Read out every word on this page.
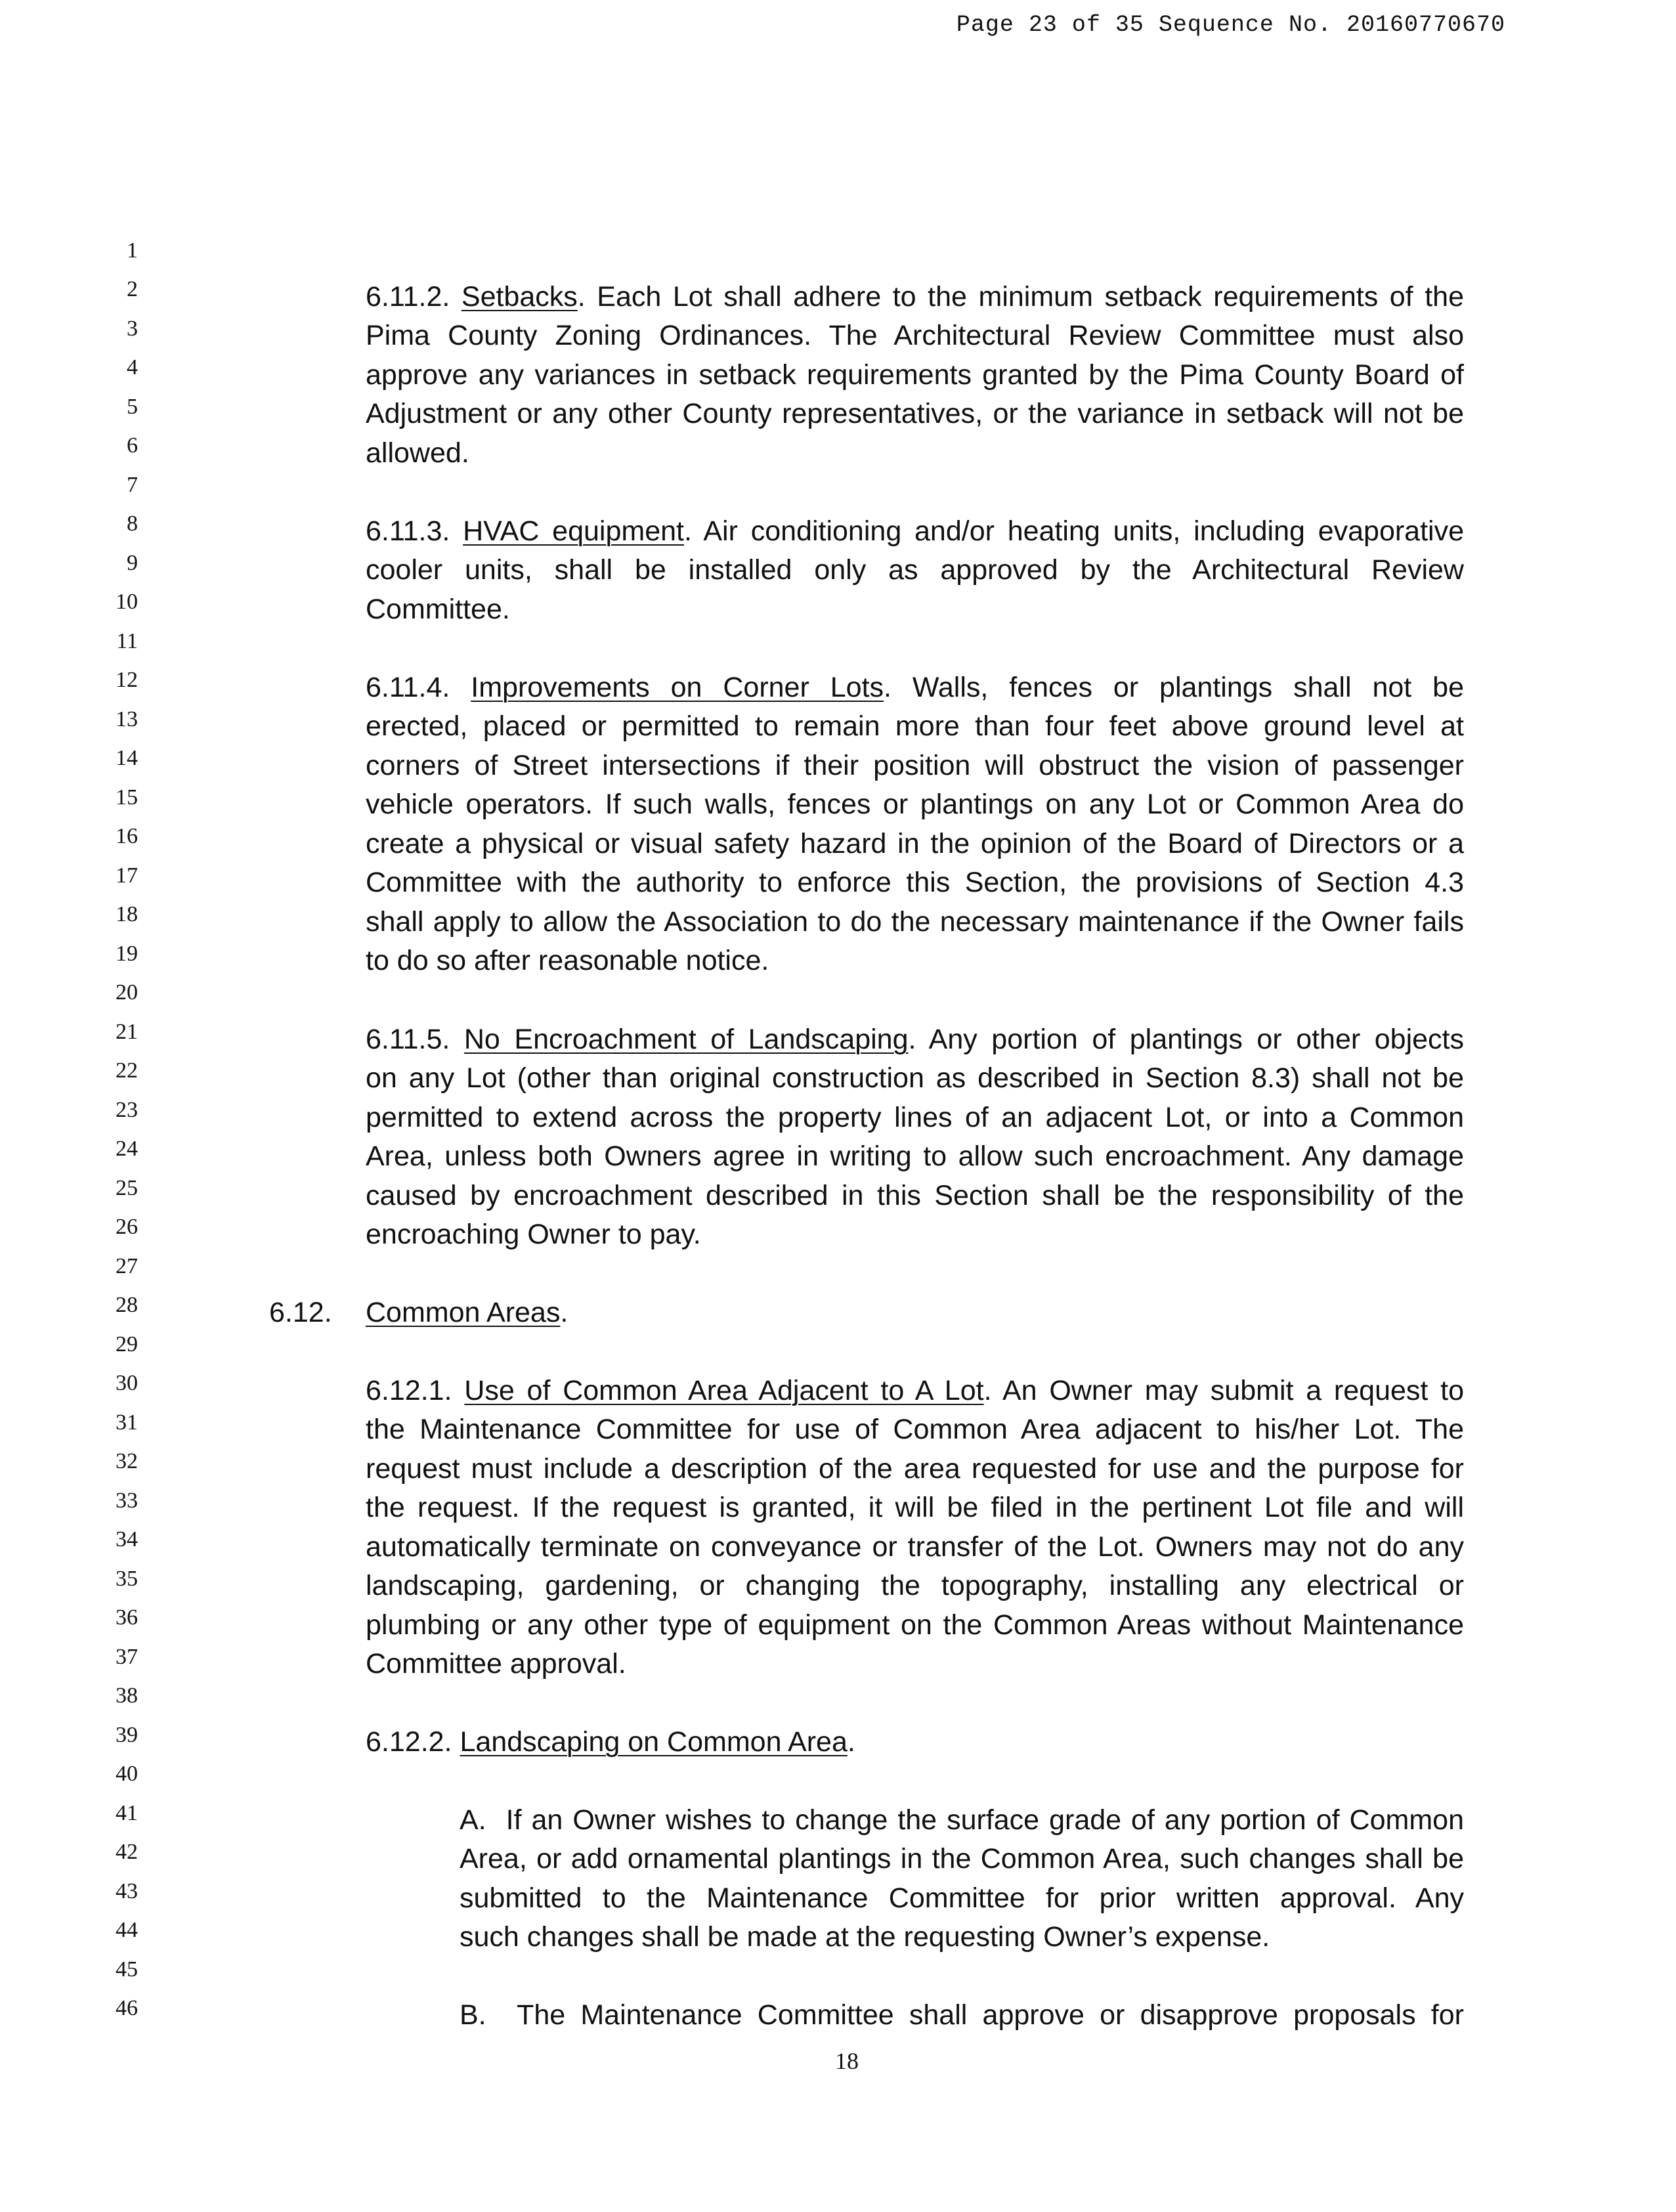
Page 23 of 35 Sequence No. 20160770670
1
2
3
4
5
6
7
8
9
10
11
12
13
14
15
16
17
18
19
20
21
22
23
24
25
26
27
28
29
30
31
32
33
34
35
36
37
38
39
40
41
42
43
44
45
46
6.11.2. Setbacks. Each Lot shall adhere to the minimum setback requirements of the
Pima County Zoning Ordinances. The Architectural Review Committee must also
approve any variances in setback requirements granted by the Pima County Board of
Adjustment or any other County representatives, or the variance in setback will not be
allowed.
6.11.3. HVAC equipment. Air conditioning and/or heating units, including evaporative
cooler units, shall be installed only as approved by the Architectural Review
Committee.
6.11.4. Improvements on Corner Lots. Walls, fences or plantings shall not be
erected, placed or permitted to remain more than four feet above ground level at
corners of Street intersections if their position will obstruct the vision of passenger
vehicle operators. If such walls, fences or plantings on any Lot or Common Area do
create a physical or visual safety hazard in the opinion of the Board of Directors or a
Committee with the authority to enforce this Section, the provisions of Section 4.3
shall apply to allow the Association to do the necessary maintenance if the Owner fails
to do so after reasonable notice.
6.11.5. No Encroachment of Landscaping. Any portion of plantings or other objects
on any Lot (other than original construction as described in Section 8.3) shall not be
permitted to extend across the property lines of an adjacent Lot, or into a Common
Area, unless both Owners agree in writing to allow such encroachment. Any damage
caused by encroachment described in this Section shall be the responsibility of the
encroaching Owner to pay.
6.12. Common Areas.
6.12.1. Use of Common Area Adjacent to A Lot. An Owner may submit a request to
the Maintenance Committee for use of Common Area adjacent to his/her Lot. The
request must include a description of the area requested for use and the purpose for
the request. If the request is granted, it will be filed in the pertinent Lot file and will
automatically terminate on conveyance or transfer of the Lot. Owners may not do any
landscaping, gardening, or changing the topography, installing any electrical or
plumbing or any other type of equipment on the Common Areas without Maintenance
Committee approval.
6.12.2. Landscaping on Common Area.
A. If an Owner wishes to change the surface grade of any portion of Common
Area, or add ornamental plantings in the Common Area, such changes shall be
submitted to the Maintenance Committee for prior written approval. Any
such changes shall be made at the requesting Owner’s expense.
B. The Maintenance Committee shall approve or disapprove proposals for
18
